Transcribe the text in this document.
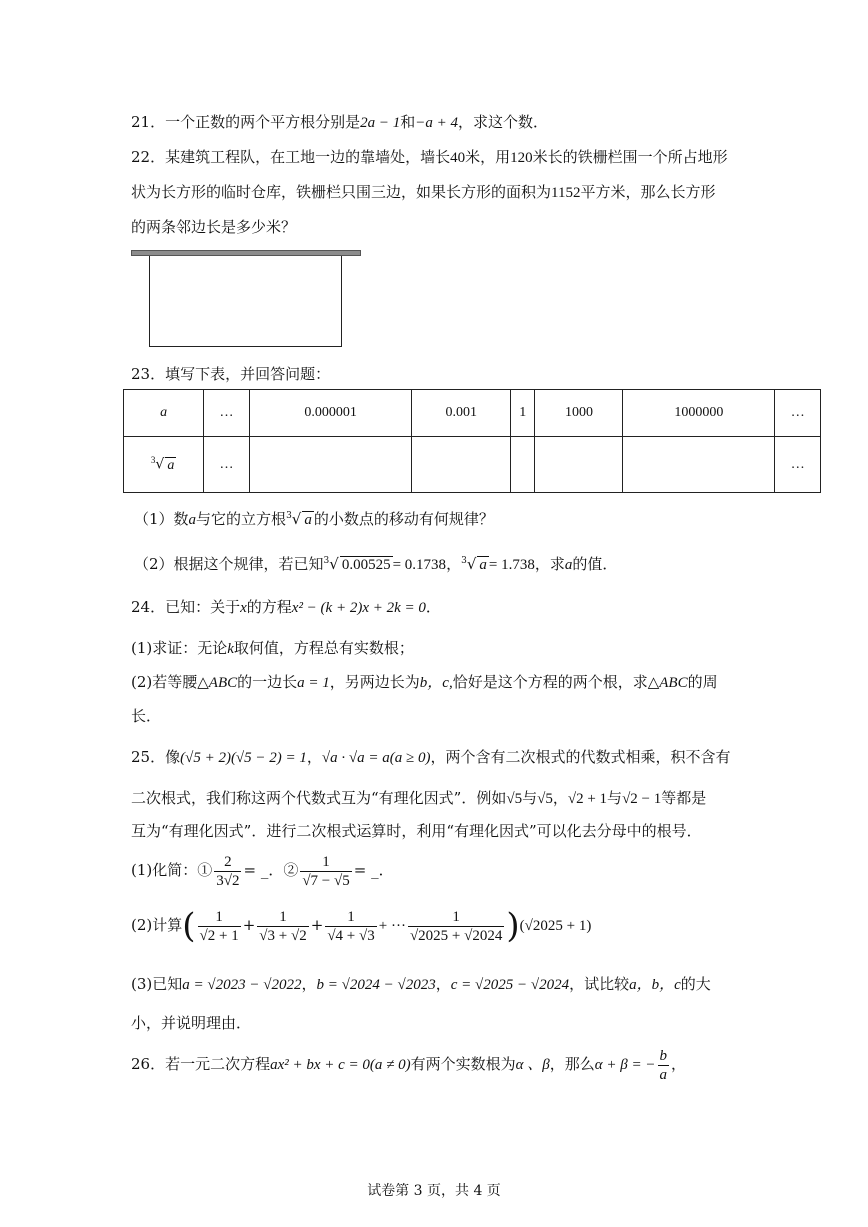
21．一个正数的两个平方根分别是2a − 1和−a + 4，求这个数．
22．某建筑工程队，在工地一边的靠墙处，墙长40米，用120米长的铁栅栏围一个所占地形
状为长方形的临时仓库，铁栅栏只围三边，如果长方形的面积为1152平方米，那么长方形
的两条邻边长是多少米？
23．填写下表，并回答问题：
a	…	0.000001	0.001	1	1000	1000000	…
$^3$√ a	…						…
（1）数a与它的立方根$^3$√ a 的小数点的移动有何规律？
（2）根据这个规律，若已知$^3$√ 0.00525 = 0.1738，$^3$√ a = 1.738，求a的值．
24．已知：关于x的方程x² − (k + 2)x + 2k = 0．
(1)求证：无论k取何值，方程总有实数根；
(2)若等腰△ABC的一边长a = 1，另两边长为b，c,恰好是这个方程的两个根，求△ABC的周
长．
25．像(√5 + 2)(√5 − 2) = 1，√a · √a = a(a ≥ 0)，两个含有二次根式的代数式相乘，积不含有
二次根式，我们称这两个代数式互为“有理化因式”．例如√5与√5，√2 + 1与√2 − 1等都是
互为“有理化因式”．进行二次根式运算时，利用“有理化因式”可以化去分母中的根号．
(1)化简：① $\frac{2}{3√2}$ = _．② $\frac{1}{√7 - √5}$ = _．
(2)计算( $\frac{1}{√2 + 1} + \frac{1}{√3 + √2} + \frac{1}{√4 + √3}$ + ··· $\frac{1}{√2025 + √2024} )(√2025 + 1)$
(3)已知a = √2023 − √2022，b = √2024 − √2023，c = √2025 − √2024，试比较a，b，c的大
小，并说明理由．
26．若一元二次方程ax² + bx + c = 0(a ≠ 0)有两个实数根为α 、β，那么α + β = − $\frac{b}{a}$ ，
试卷第 3 页，共 4 页
